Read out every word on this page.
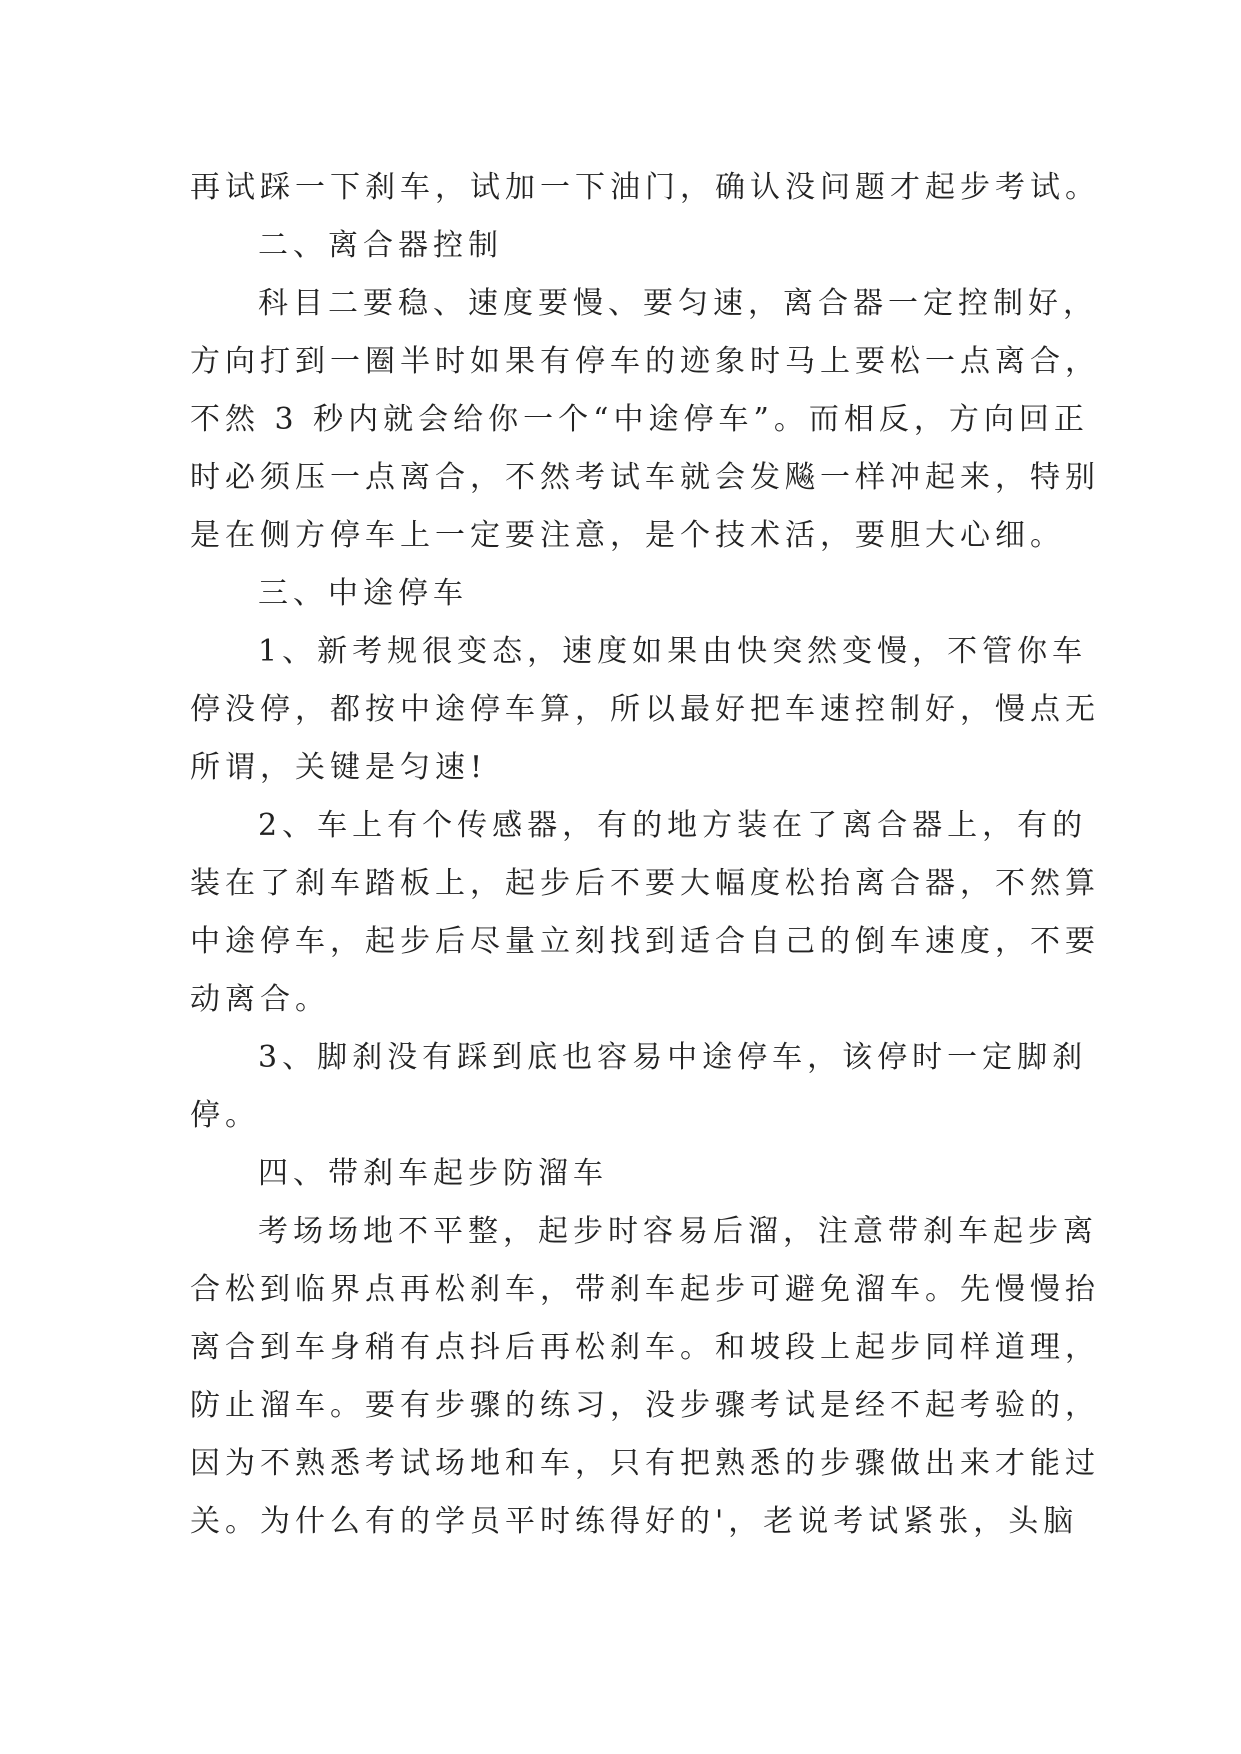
再试踩一下刹车，试加一下油门，确认没问题才起步考试。
二、离合器控制
科目二要稳、速度要慢、要匀速，离合器一定控制好，
方向打到一圈半时如果有停车的迹象时马上要松一点离合，
不然 3 秒内就会给你一个“中途停车”。而相反，方向回正
时必须压一点离合，不然考试车就会发飚一样冲起来，特别
是在侧方停车上一定要注意，是个技术活，要胆大心细。
三、中途停车
1、新考规很变态，速度如果由快突然变慢，不管你车
停没停，都按中途停车算，所以最好把车速控制好，慢点无
所谓，关键是匀速!
2、车上有个传感器，有的地方装在了离合器上，有的
装在了刹车踏板上，起步后不要大幅度松抬离合器，不然算
中途停车，起步后尽量立刻找到适合自己的倒车速度，不要
动离合。
3、脚刹没有踩到底也容易中途停车，该停时一定脚刹
停。
四、带刹车起步防溜车
考场场地不平整，起步时容易后溜，注意带刹车起步离
合松到临界点再松刹车，带刹车起步可避免溜车。先慢慢抬
离合到车身稍有点抖后再松刹车。和坡段上起步同样道理，
防止溜车。要有步骤的练习，没步骤考试是经不起考验的，
因为不熟悉考试场地和车，只有把熟悉的步骤做出来才能过
关。为什么有的学员平时练得好的'，老说考试紧张，头脑
